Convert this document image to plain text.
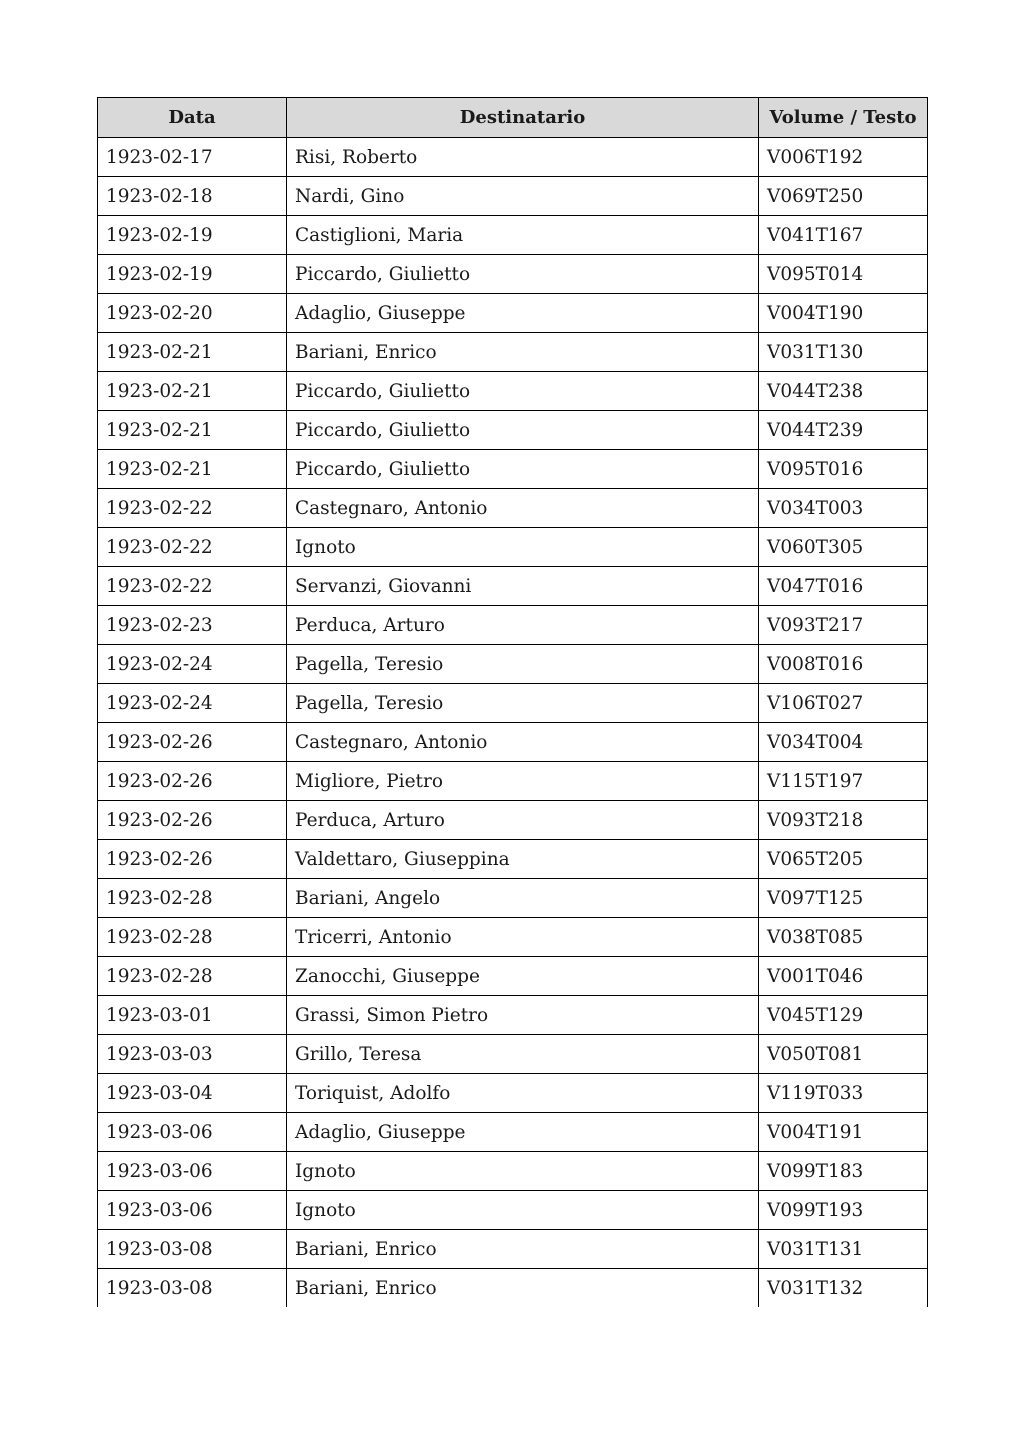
Data	Destinatario	Volume / Testo
1923-02-17	Risi, Roberto	V006T192
1923-02-18	Nardi, Gino	V069T250
1923-02-19	Castiglioni, Maria	V041T167
1923-02-19	Piccardo, Giulietto	V095T014
1923-02-20	Adaglio, Giuseppe	V004T190
1923-02-21	Bariani, Enrico	V031T130
1923-02-21	Piccardo, Giulietto	V044T238
1923-02-21	Piccardo, Giulietto	V044T239
1923-02-21	Piccardo, Giulietto	V095T016
1923-02-22	Castegnaro, Antonio	V034T003
1923-02-22	Ignoto	V060T305
1923-02-22	Servanzi, Giovanni	V047T016
1923-02-23	Perduca, Arturo	V093T217
1923-02-24	Pagella, Teresio	V008T016
1923-02-24	Pagella, Teresio	V106T027
1923-02-26	Castegnaro, Antonio	V034T004
1923-02-26	Migliore, Pietro	V115T197
1923-02-26	Perduca, Arturo	V093T218
1923-02-26	Valdettaro, Giuseppina	V065T205
1923-02-28	Bariani, Angelo	V097T125
1923-02-28	Tricerri, Antonio	V038T085
1923-02-28	Zanocchi, Giuseppe	V001T046
1923-03-01	Grassi, Simon Pietro	V045T129
1923-03-03	Grillo, Teresa	V050T081
1923-03-04	Toriquist, Adolfo	V119T033
1923-03-06	Adaglio, Giuseppe	V004T191
1923-03-06	Ignoto	V099T183
1923-03-06	Ignoto	V099T193
1923-03-08	Bariani, Enrico	V031T131
1923-03-08	Bariani, Enrico	V031T132
